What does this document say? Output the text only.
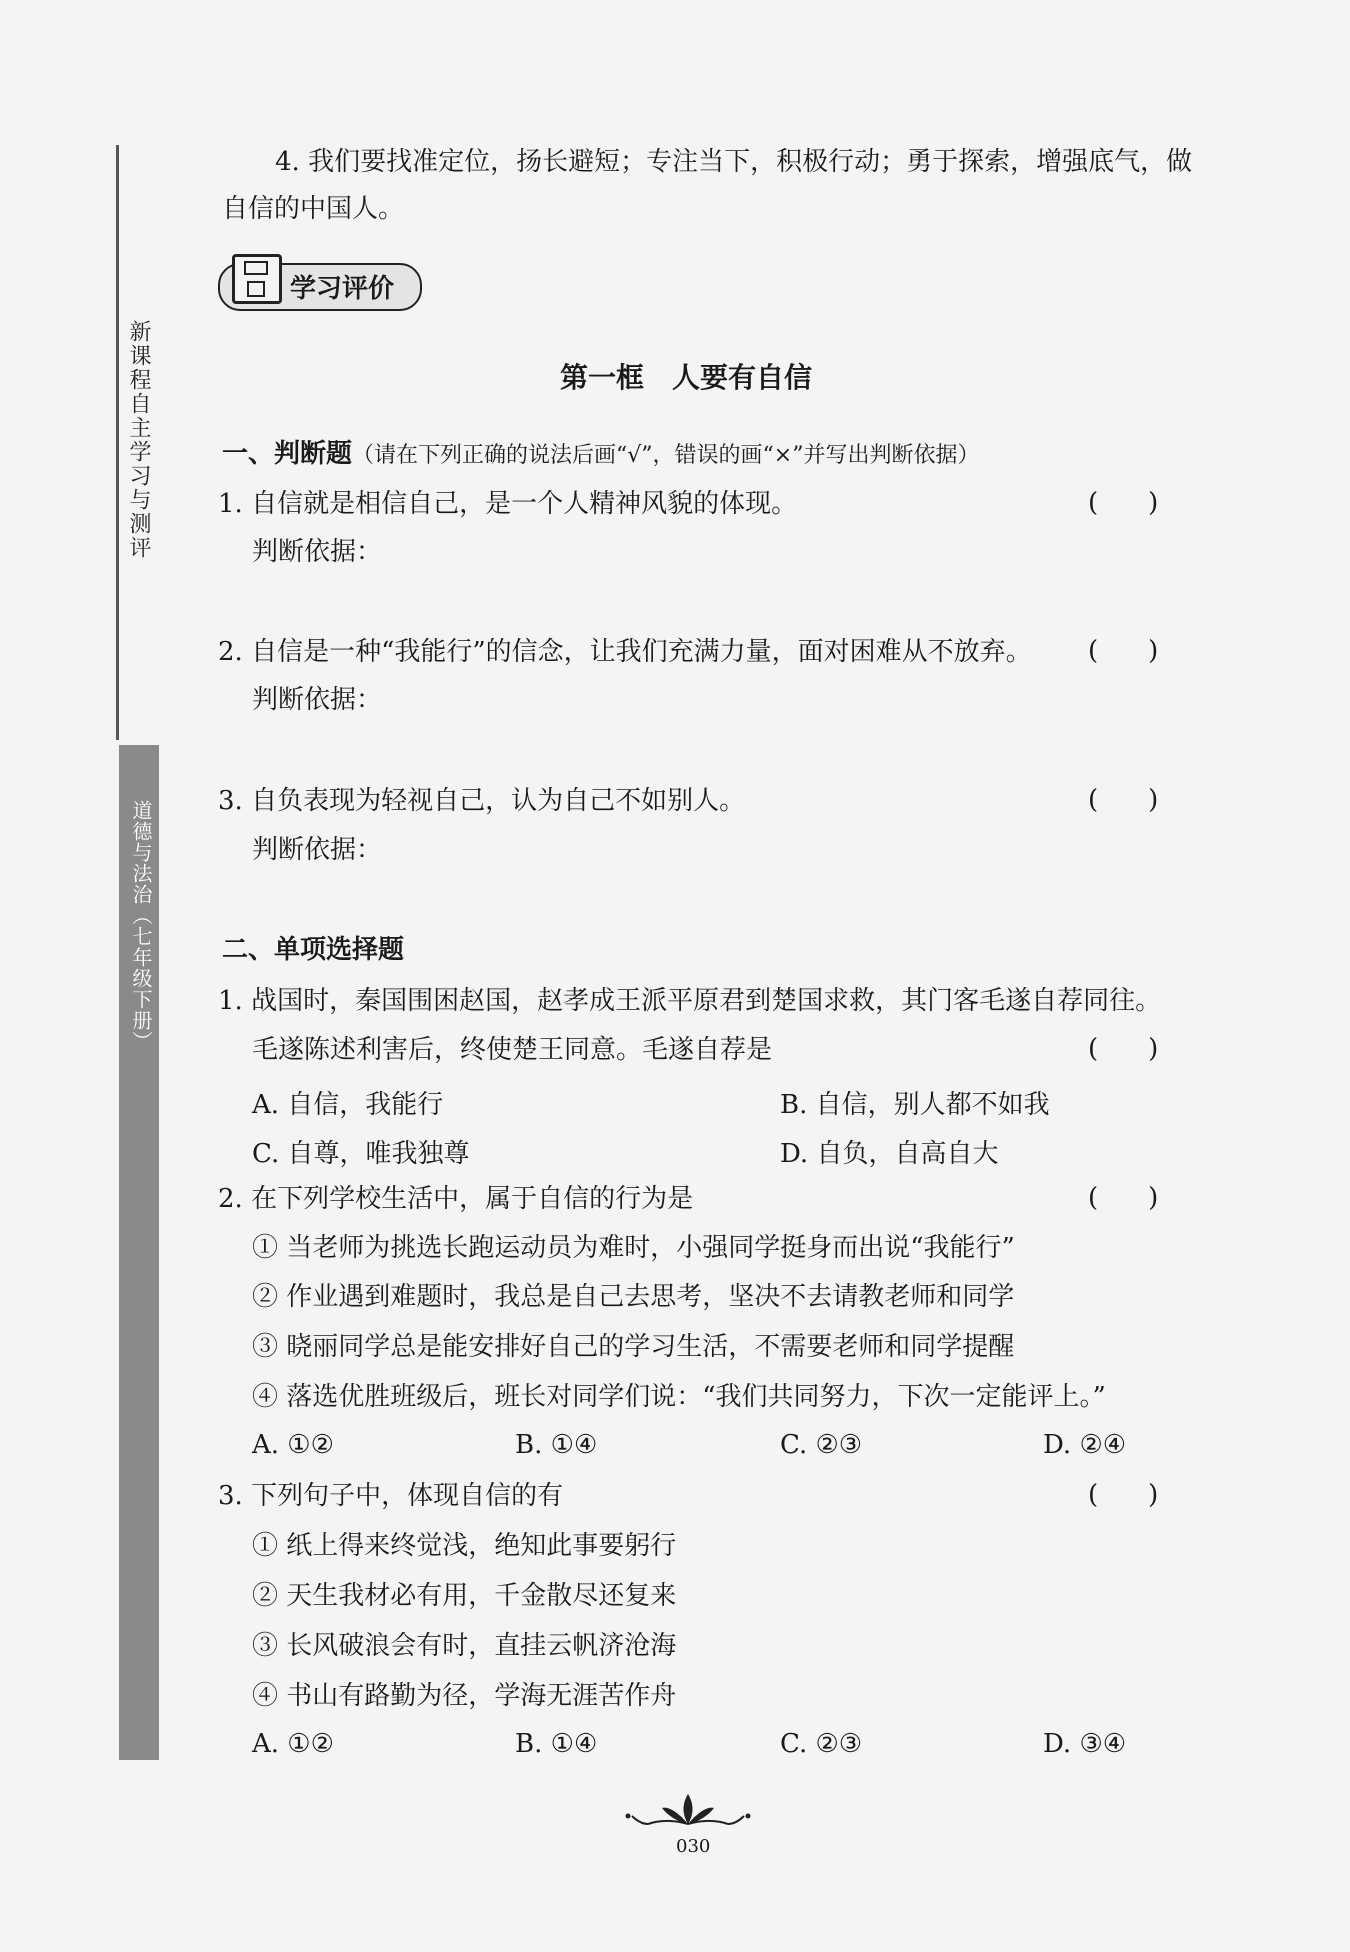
新课程自主学习与测评
道德与法治（七年级下册）
4. 我们要找准定位，扬长避短；专注当下，积极行动；勇于探索，增强底气，做
自信的中国人。
学习评价
第一框　人要有自信
一、判断题（请在下列正确的说法后画“√”，错误的画“×”并写出判断依据）
1. 自信就是相信自己，是一个人精神风貌的体现。	( )
判断依据：
2. 自信是一种“我能行”的信念，让我们充满力量，面对困难从不放弃。 ( )
判断依据：
3. 自负表现为轻视自己，认为自己不如别人。	( )
判断依据：
二、单项选择题
1. 战国时，秦国围困赵国，赵孝成王派平原君到楚国求救，其门客毛遂自荐同往。
毛遂陈述利害后，终使楚王同意。毛遂自荐是	( )
A. 自信，我能行	B. 自信，别人都不如我
C. 自尊，唯我独尊	D. 自负，自高自大
2. 在下列学校生活中，属于自信的行为是	( )
① 当老师为挑选长跑运动员为难时，小强同学挺身而出说“我能行”
② 作业遇到难题时，我总是自己去思考，坚决不去请教老师和同学
③ 晓丽同学总是能安排好自己的学习生活，不需要老师和同学提醒
④ 落选优胜班级后，班长对同学们说：“我们共同努力，下次一定能评上。”
A. ①②	B. ①④	C. ②③	D. ②④
3. 下列句子中，体现自信的有	( )
① 纸上得来终觉浅，绝知此事要躬行
② 天生我材必有用，千金散尽还复来
③ 长风破浪会有时，直挂云帆济沧海
④ 书山有路勤为径，学海无涯苦作舟
A. ①②	B. ①④	C. ②③	D. ③④
030
